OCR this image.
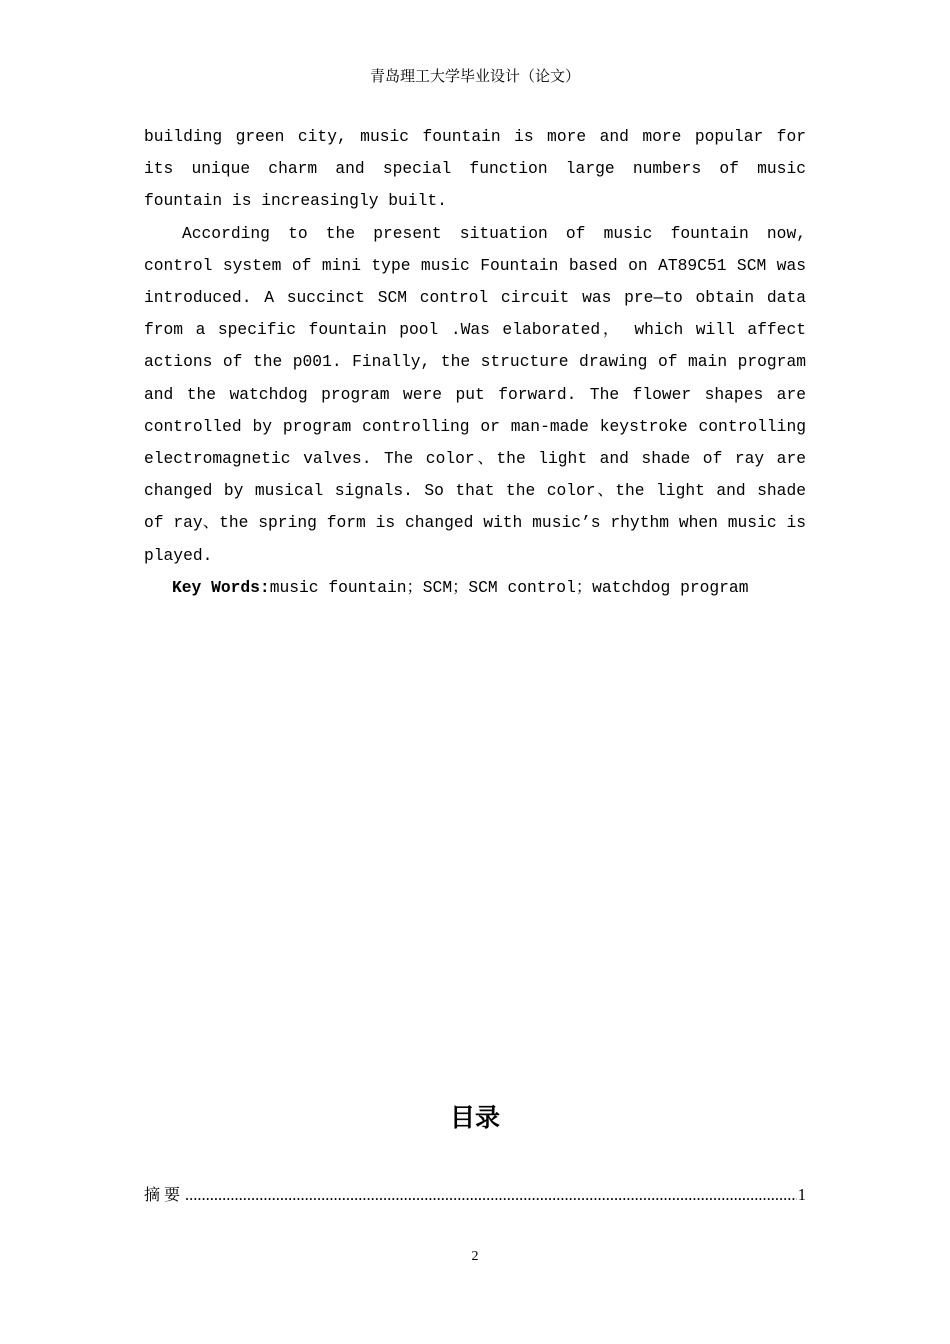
青岛理工大学毕业设计（论文）

building green city, music fountain is more and more popular for its unique charm and special function large numbers of music fountain is increasingly built.

According to the present situation of music fountain now, control system of mini type music Fountain based on AT89C51 SCM was introduced. A succinct SCM control circuit was pre—to obtain data from a specific fountain pool .Was elaborated， which will affect actions of the p001. Finally, the structure drawing of main program and the watchdog program were put forward. The flower shapes are controlled by program controlling or man-made keystroke controlling electromagnetic valves. The color、the light and shade of ray are changed by musical signals. So that the color、the light and shade of ray、the spring form is changed with music’s rhythm when music is played.

Key Words:music fountain；SCM；SCM control；watchdog program

目录
摘要
.....	1
2
